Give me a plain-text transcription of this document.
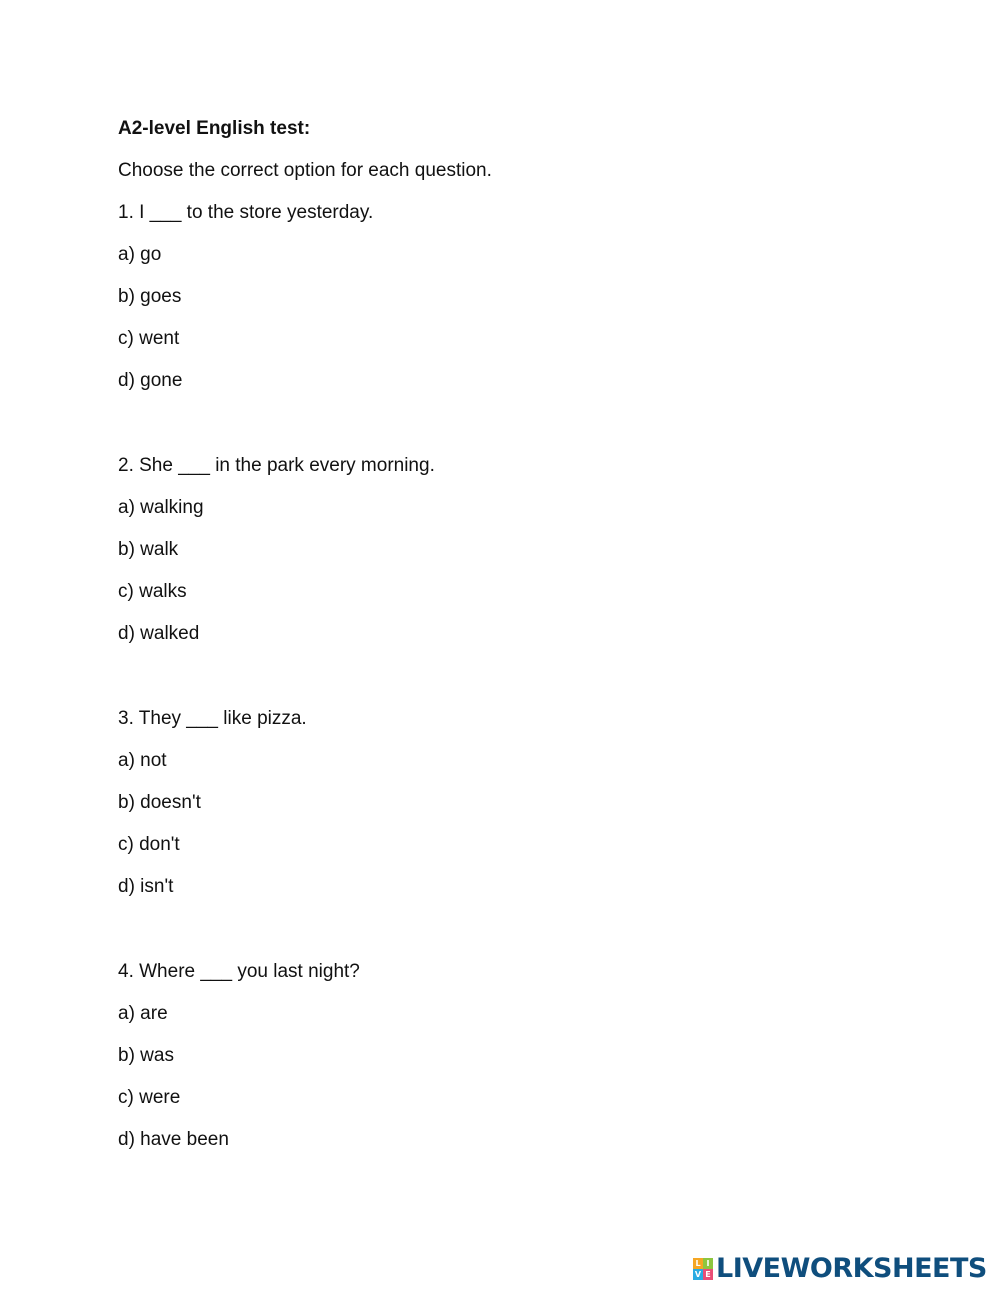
A2-level English test:
Choose the correct option for each question.
1. I ___ to the store yesterday.
a) go
b) goes
c) went
d) gone
2. She ___ in the park every morning.
a) walking
b) walk
c) walks
d) walked
3. They ___ like pizza.
a) not
b) doesn't
c) don't
d) isn't
4. Where ___ you last night?
a) are
b) was
c) were
d) have been
L I
V E LIVEWORKSHEETS
